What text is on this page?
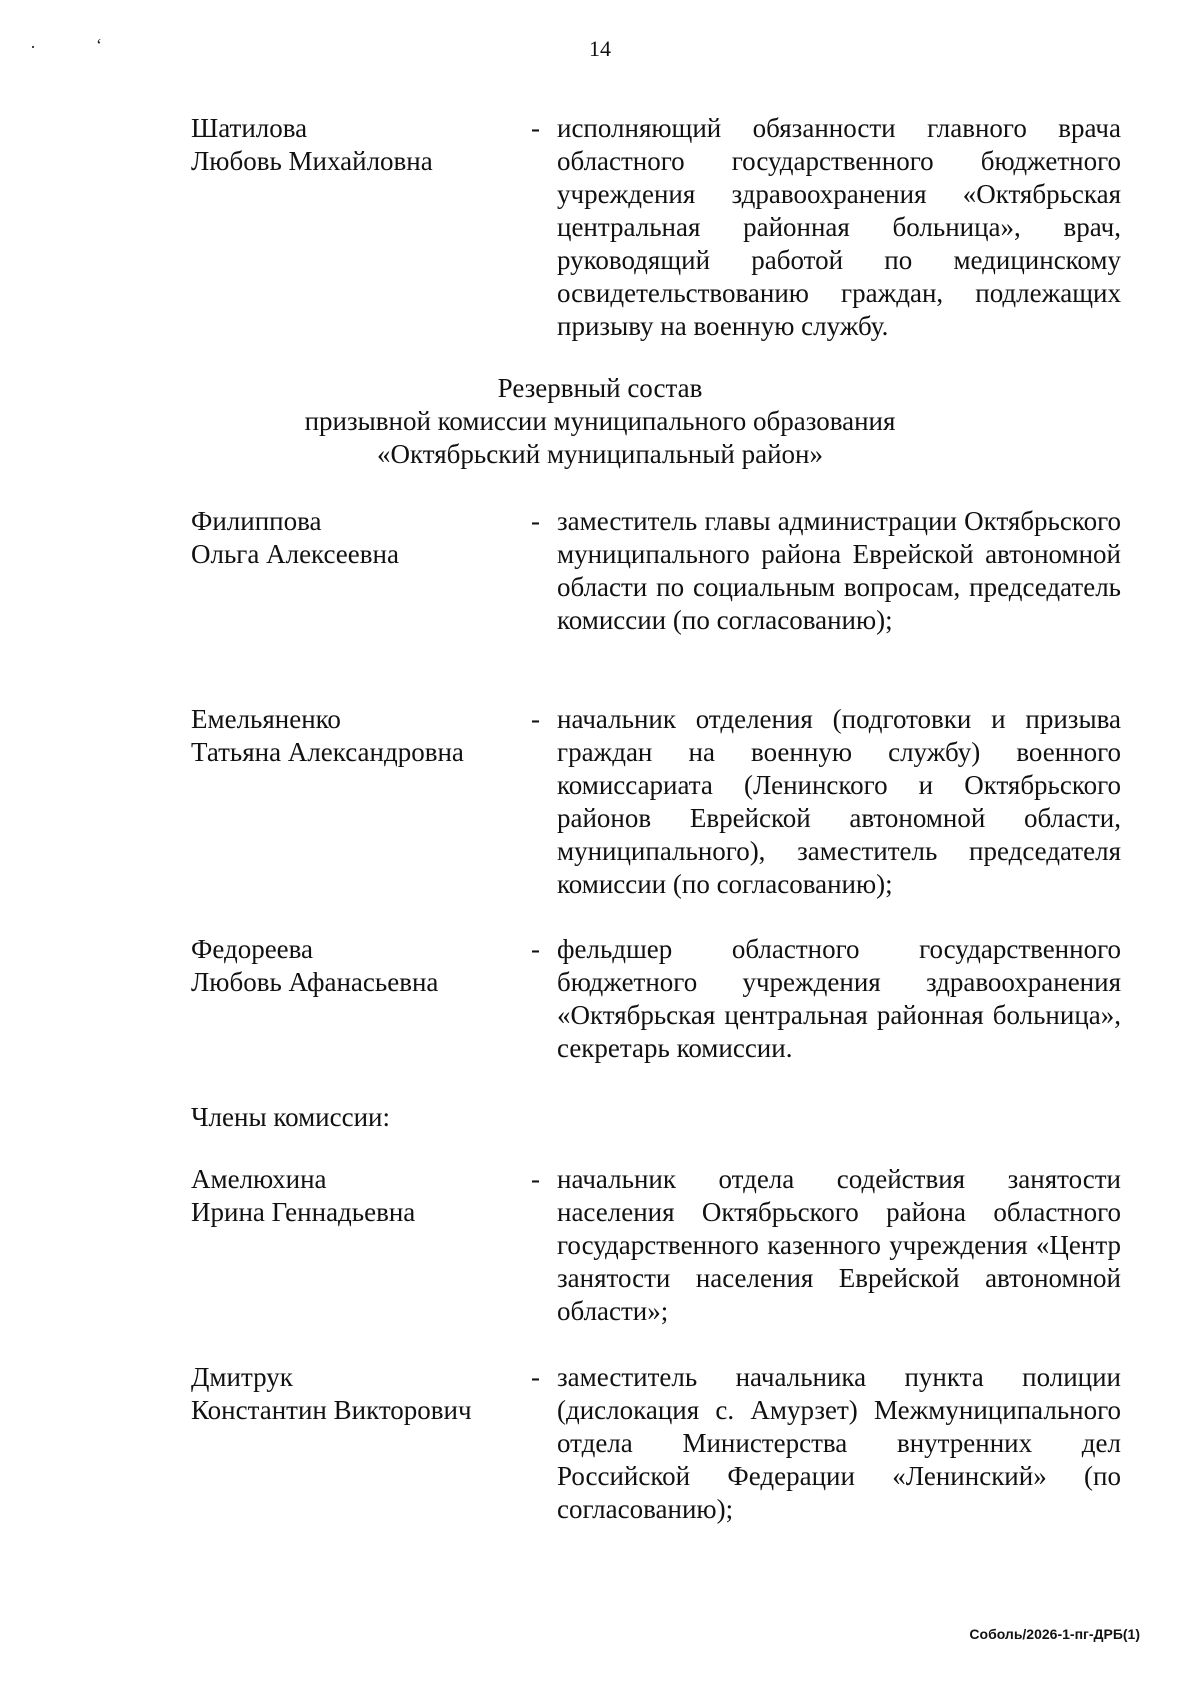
·	‘	14
Шатилова
Любовь Михайловна
- исполняющий обязанности главного врача областного государственного бюджетного учреждения здравоохранения «Октябрьская центральная районная больница», врач, руководящий работой по медицинскому освидетельствованию граждан, подлежащих призыву на военную службу.
Резервный состав
призывной комиссии муниципального образования
«Октябрьский муниципальный район»
Филиппова
Ольга Алексеевна
- заместитель главы администрации Октябрьского муниципального района Еврейской автономной области по социальным вопросам, председатель комиссии (по согласованию);
Емельяненко
Татьяна Александровна
- начальник отделения (подготовки и призыва граждан на военную службу) военного комиссариата (Ленинского и Октябрьского районов Еврейской автономной области, муниципального), заместитель председателя комиссии (по согласованию);
Федореева
Любовь Афанасьевна
- фельдшер областного государственного бюджетного учреждения здравоохранения «Октябрьская центральная районная больница», секретарь комиссии.
Члены комиссии:
Амелюхина
Ирина Геннадьевна
- начальник отдела содействия занятости населения Октябрьского района областного государственного казенного учреждения «Центр занятости населения Еврейской автономной области»;
Дмитрук
Константин Викторович
- заместитель начальника пункта полиции (дислокация с. Амурзет) Межмуниципального отдела Министерства внутренних дел Российской Федерации «Ленинский» (по согласованию);
Соболь/2026-1-пг-ДРБ(1)
